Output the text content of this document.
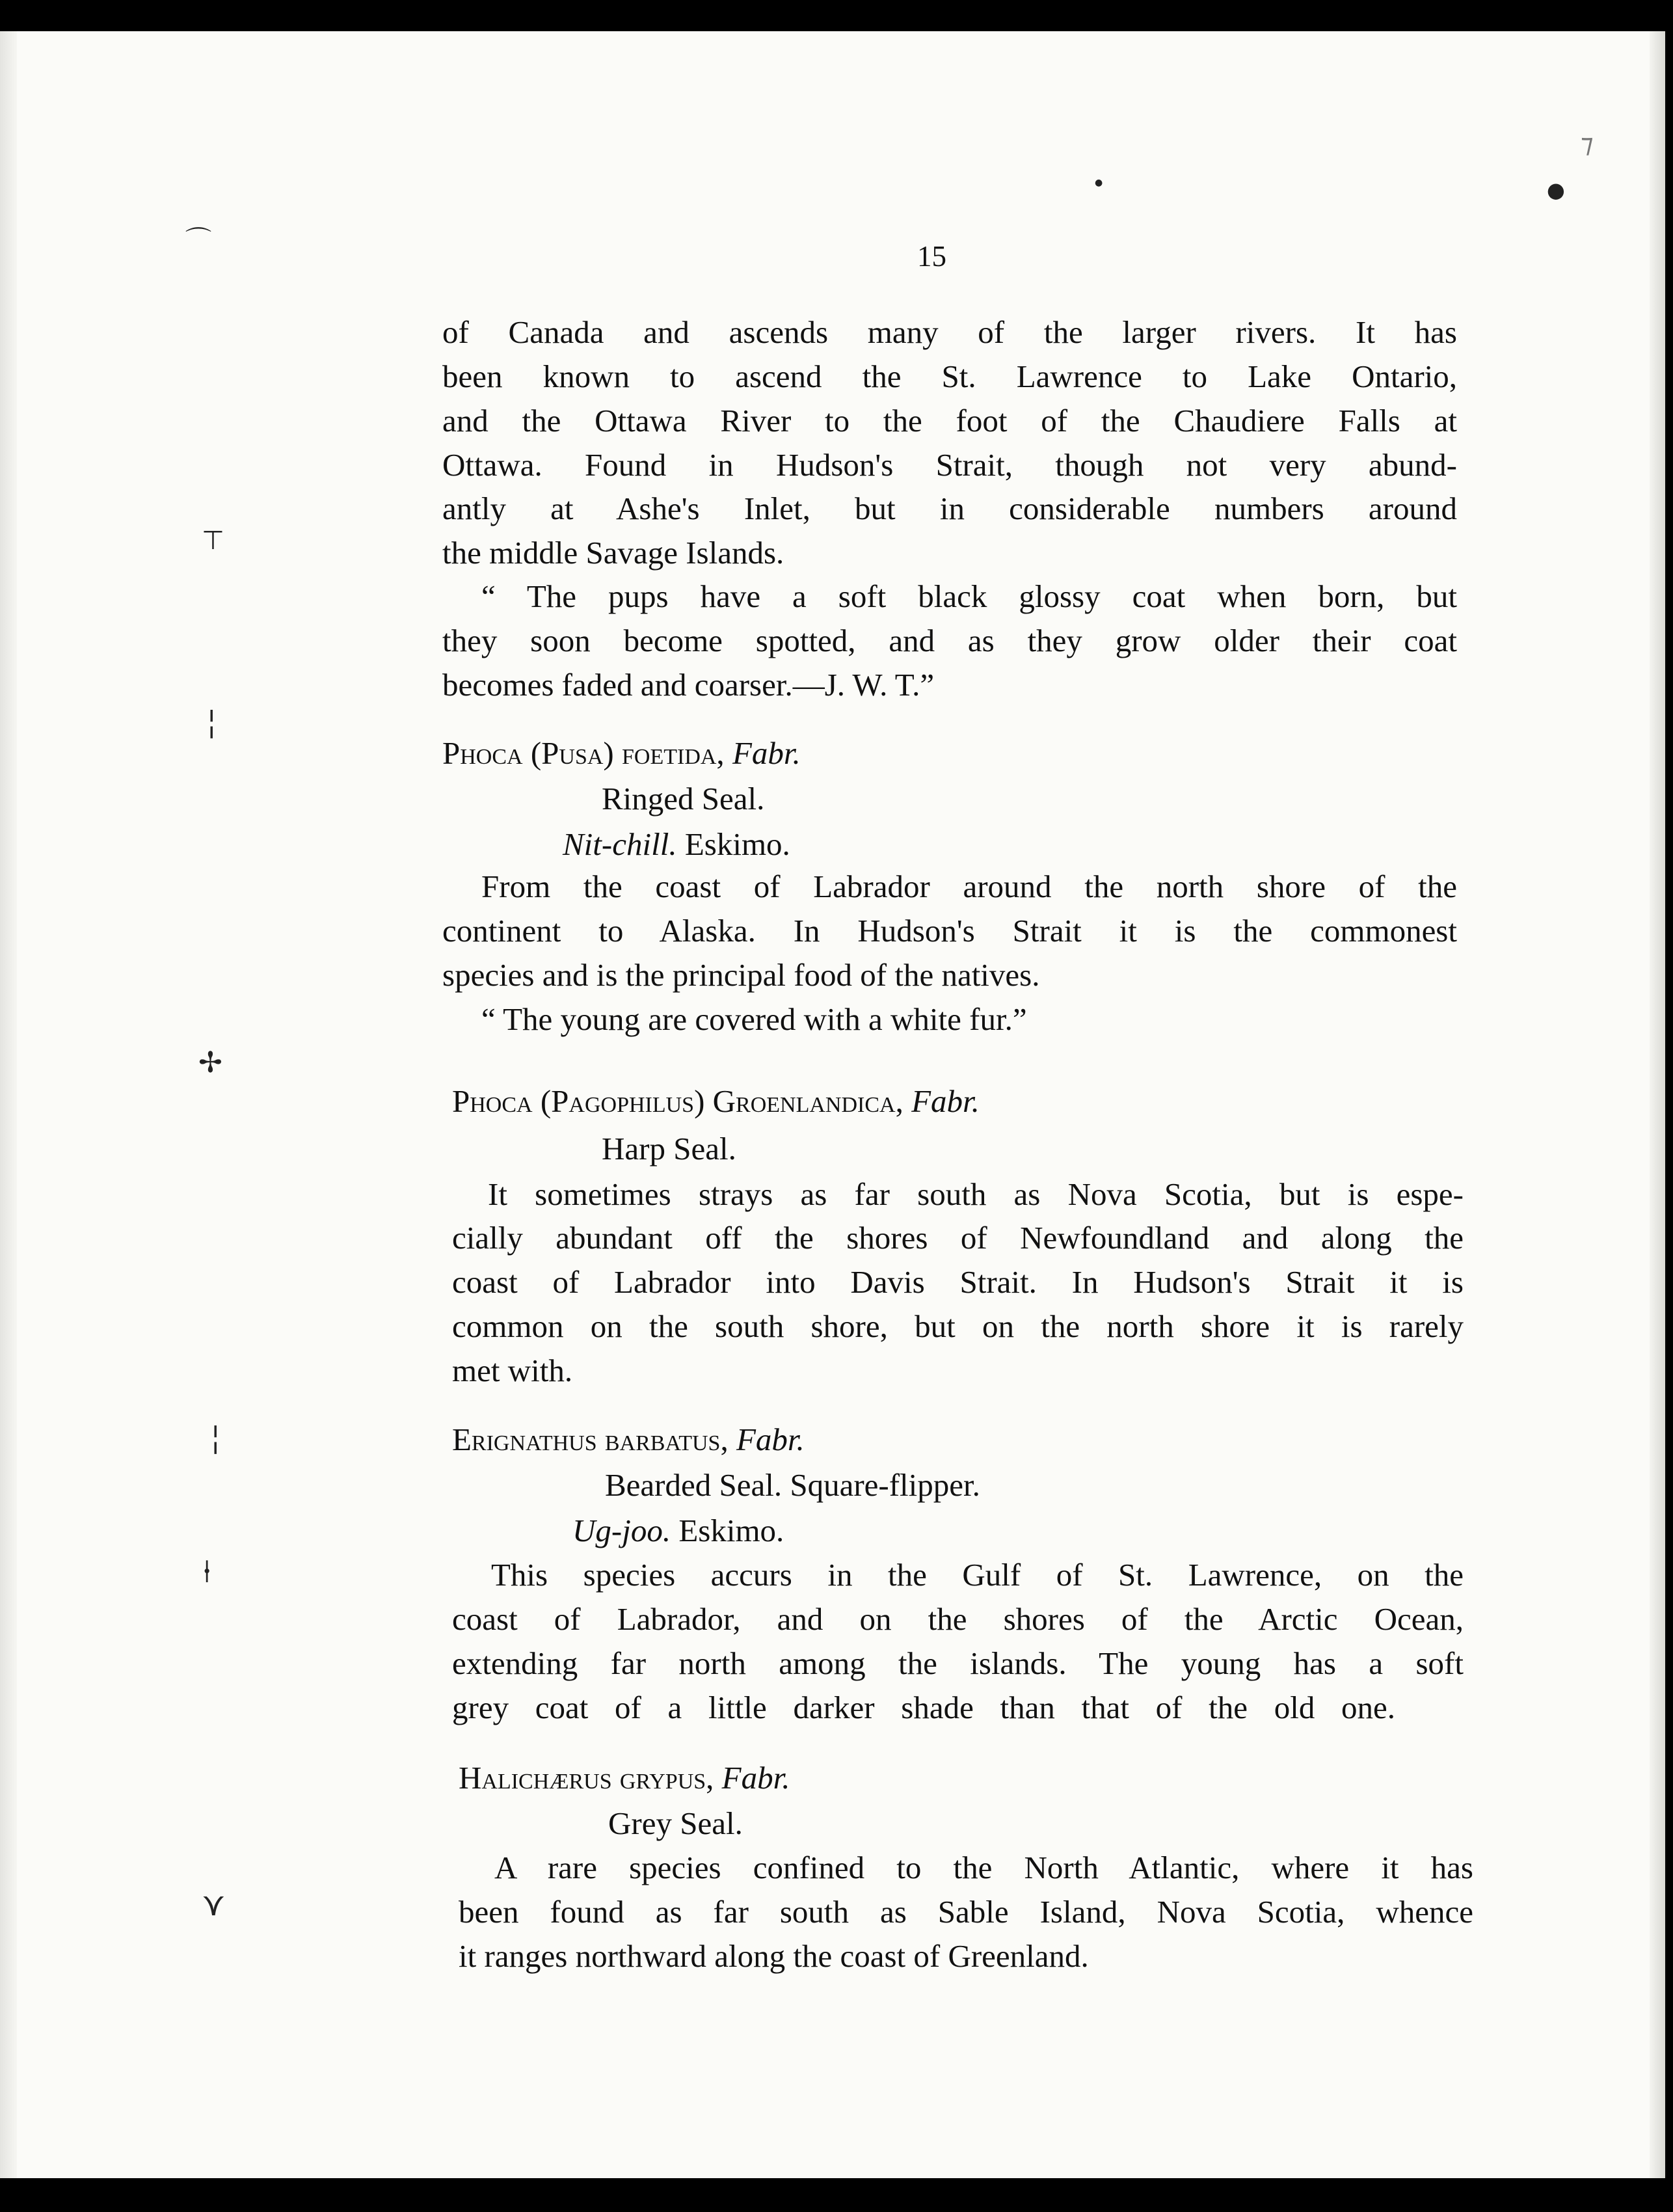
⌒
⊤
╎
✢
╎
⍿
⋎
●
●
⁊
15
of Canada and ascends many of the larger rivers. It has
been known to ascend the St. Lawrence to Lake Ontario,
and the Ottawa River to the foot of the Chaudiere Falls at
Ottawa. Found in Hudson's Strait, though not very abund-
antly at Ashe's Inlet, but in considerable numbers around
the middle Savage Islands.
“ The pups have a soft black glossy coat when born, but
they soon become spotted, and as they grow older their coat
becomes faded and coarser.—J. W. T.”
Phoca (Pusa) foetida, Fabr.
Ringed Seal.
Nit-chill. Eskimo.
From the coast of Labrador around the north shore of the
continent to Alaska. In Hudson's Strait it is the commonest
species and is the principal food of the natives.
“ The young are covered with a white fur.”
Phoca (Pagophilus) Groenlandica, Fabr.
Harp Seal.
It sometimes strays as far south as Nova Scotia, but is espe-
cially abundant off the shores of Newfoundland and along the
coast of Labrador into Davis Strait. In Hudson's Strait it is
common on the south shore, but on the north shore it is rarely
met with.
Erignathus barbatus, Fabr.
Bearded Seal. Square-flipper.
Ug-joo. Eskimo.
This species accurs in the Gulf of St. Lawrence, on the
coast of Labrador, and on the shores of the Arctic Ocean,
extending far north among the islands. The young has a soft
grey coat of a little darker shade than that of the old one.
Halichærus grypus, Fabr.
Grey Seal.
A rare species confined to the North Atlantic, where it has
been found as far south as Sable Island, Nova Scotia, whence
it ranges northward along the coast of Greenland.
